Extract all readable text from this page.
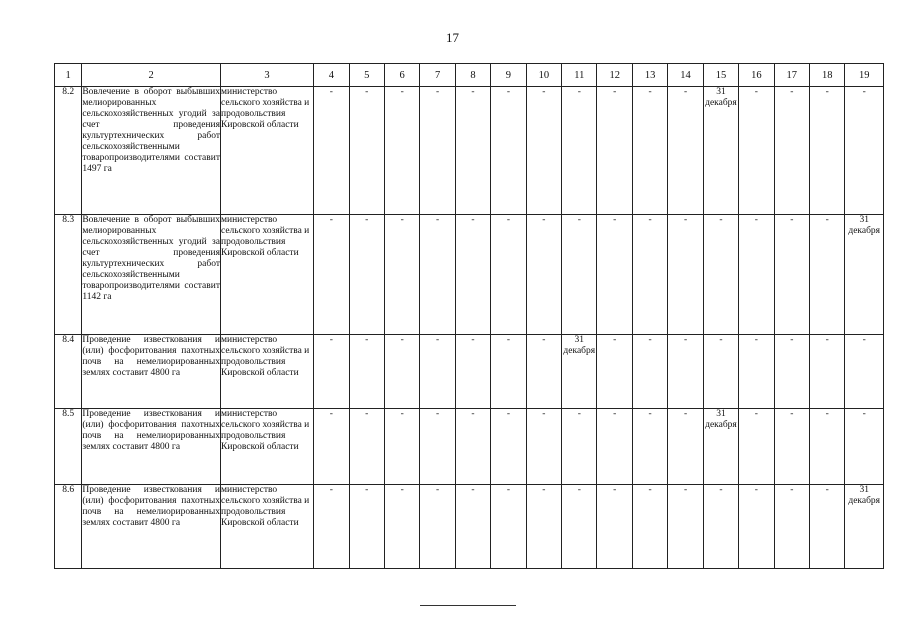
17
1	2	3	4	5	6	7	8	9	10	11	12	13	14	15	16	17	18	19
8.2	Вовлечение в оборот выбывших мелиорированных сельскохозяйственных угодий за счет проведения культуртехнических работ сельскохозяйственными товаропроизводителями составит 1497 га	министерство сельского хозяйства и продовольствия Кировской области	-	-	-	-	-	-	-	-	-	-	-	31 декабря	-	-	-	-

8.3	Вовлечение в оборот выбывших мелиорированных сельскохозяйственных угодий за счет проведения культуртехнических работ сельскохозяйственными товаропроизводителями составит 1142 га	министерство сельского хозяйства и продовольствия Кировской области	-	-	-	-	-	-	-	-	-	-	-	-	-	-	-	31 декабря

8.4	Проведение известкования и (или) фосфоритования пахотных почв на немелиорированных землях составит 4800 га	министерство сельского хозяйства и продовольствия Кировской области	-	-	-	-	-	-	-	31 декабря	-	-	-	-	-	-	-	-

8.5	Проведение известкования и (или) фосфоритования пахотных почв на немелиорированных землях составит 4800 га	министерство сельского хозяйства и продовольствия Кировской области	-	-	-	-	-	-	-	-	-	-	-	31 декабря	-	-	-	-

8.6	Проведение известкования и (или) фосфоритования пахотных почв на немелиорированных землях составит 4800 га	министерство сельского хозяйства и продовольствия Кировской области	-	-	-	-	-	-	-	-	-	-	-	-	-	-	-	31 декабря
